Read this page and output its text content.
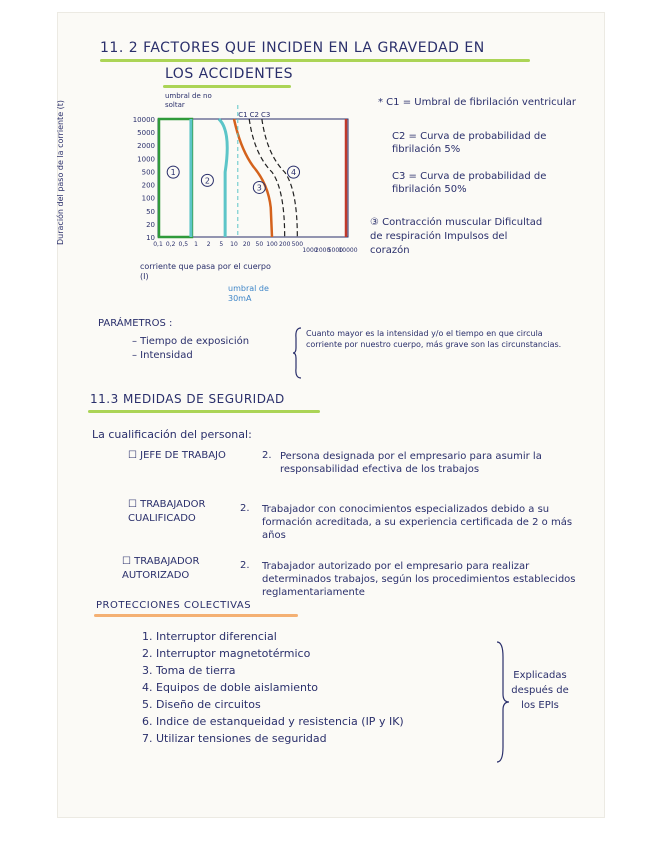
11. 2 FACTORES QUE INCIDEN EN LA GRAVEDAD EN
LOS ACCIDENTES
Duración del paso de la corriente (t)
umbral de no soltar
10000
5000
2000
1000
500
200
100
50
20
10
0,1 0,2 0,5 1 2 5 10 20 50 100 200 500
1000
2000
5000
10000
C1 C2 C3
1
2
3
4
corriente que pasa por el cuerpo (I)
umbral de 30mA
* C1 = Umbral de fibrilación ventricular
C2 = Curva de probabilidad de fibrilación 5%
C3 = Curva de probabilidad de fibrilación 50%
③ Contracción muscular Dificultad de respiración Impulsos del corazón
PARÁMETROS :
– Tiempo de exposición
– Intensidad
Cuanto mayor es la intensidad y/o el tiempo en que circula corriente por nuestro cuerpo, más grave son las circunstancias.
11.3 MEDIDAS DE SEGURIDAD
La cualificación del personal:
☐ JEFE DE TRABAJO	2. Persona designada por el empresario para asumir la responsabilidad efectiva de los trabajos
☐ TRABAJADOR CUALIFICADO
2. Trabajador con conocimientos especializados debido a su formación acreditada, a su experiencia certificada de 2 o más años
☐ TRABAJADOR AUTORIZADO
2. Trabajador autorizado por el empresario para realizar determinados trabajos, según los procedimientos establecidos reglamentariamente
PROTECCIONES COLECTIVAS
1. Interruptor diferencial
2. Interruptor magnetotérmico
3. Toma de tierra
4. Equipos de doble aislamiento
5. Diseño de circuitos
6. Indice de estanqueidad y resistencia (IP y IK)
7. Utilizar tensiones de seguridad
Explicadas después de los EPIs
